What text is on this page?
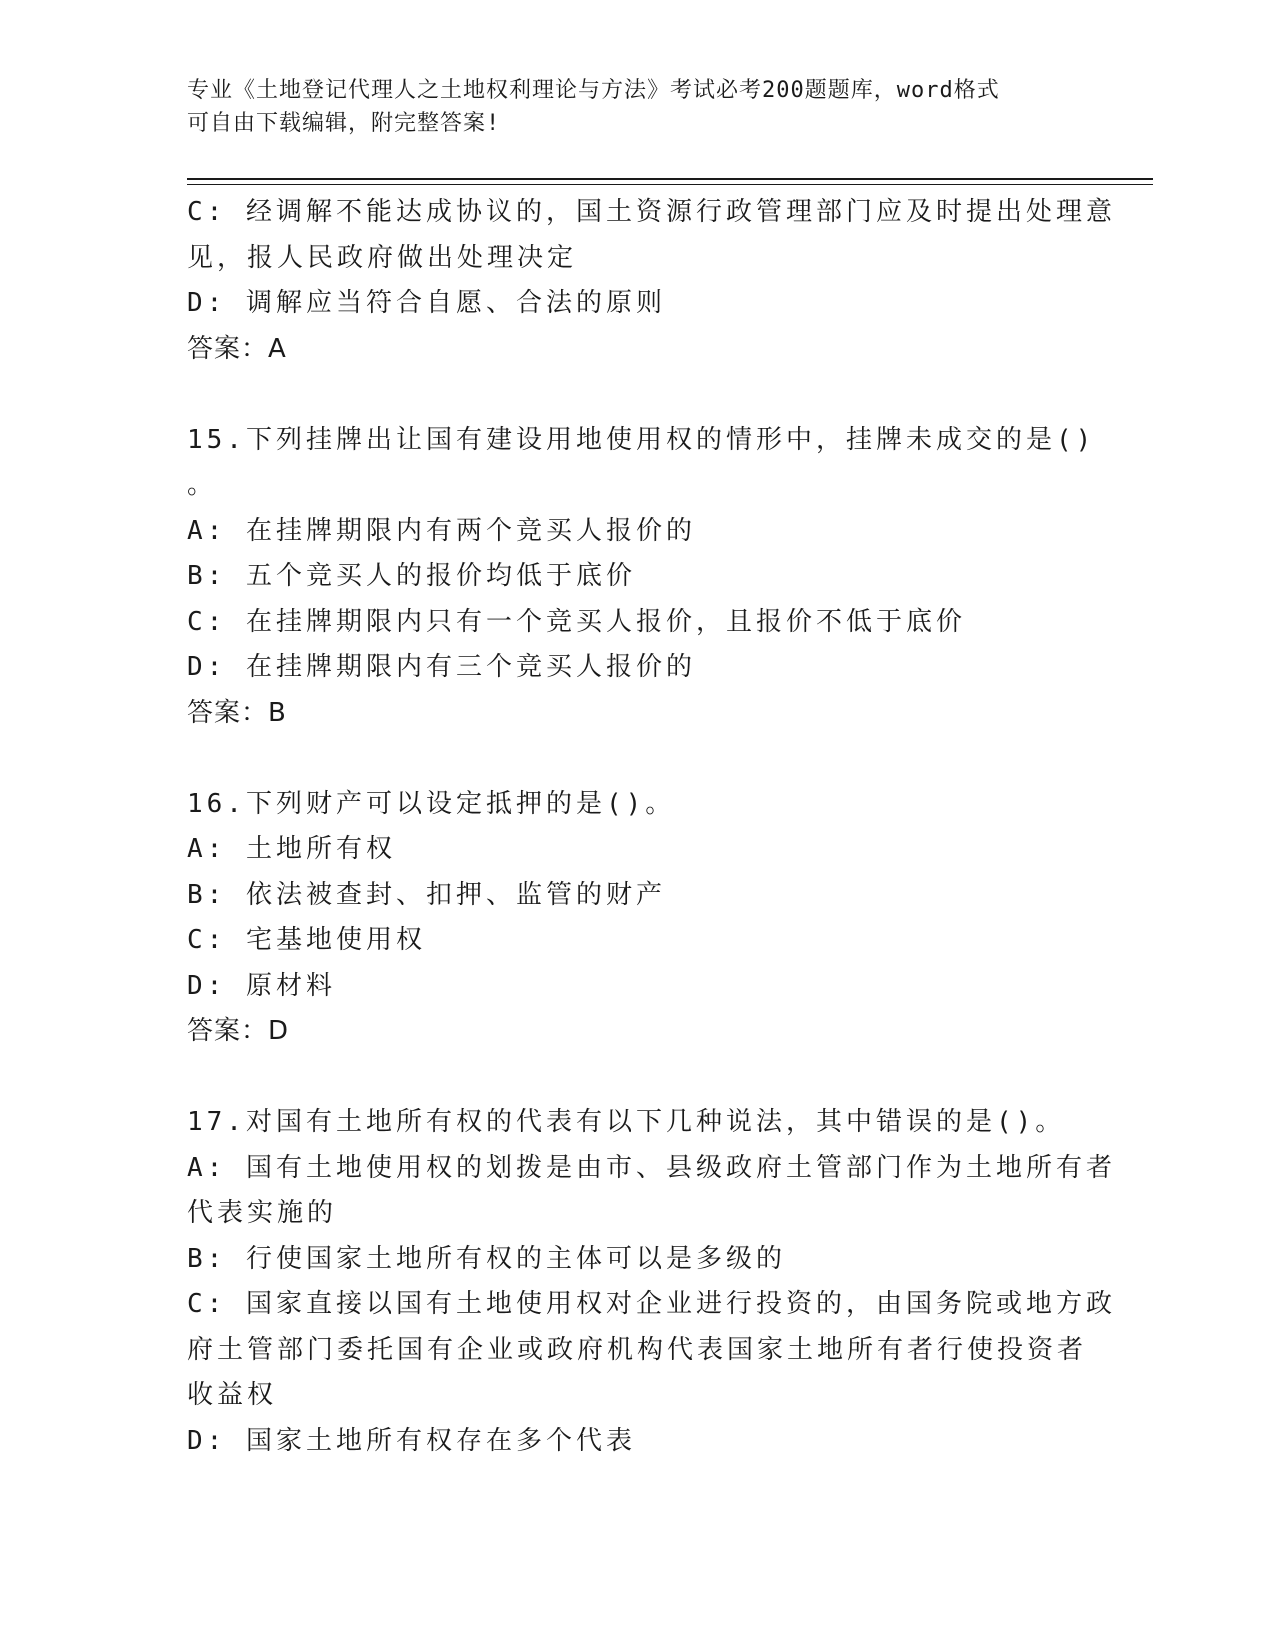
专业《土地登记代理人之土地权利理论与方法》考试必考200题题库，word格式
可自由下载编辑，附完整答案!
C: 经调解不能达成协议的，国土资源行政管理部门应及时提出处理意
见，报人民政府做出处理决定
D: 调解应当符合自愿、合法的原则
答案：A
15.下列挂牌出让国有建设用地使用权的情形中，挂牌未成交的是()
。
A: 在挂牌期限内有两个竞买人报价的
B: 五个竞买人的报价均低于底价
C: 在挂牌期限内只有一个竞买人报价，且报价不低于底价
D: 在挂牌期限内有三个竞买人报价的
答案：B
16.下列财产可以设定抵押的是()。
A: 土地所有权
B: 依法被查封、扣押、监管的财产
C: 宅基地使用权
D: 原材料
答案：D
17.对国有土地所有权的代表有以下几种说法，其中错误的是()。
A: 国有土地使用权的划拨是由市、县级政府土管部门作为土地所有者
代表实施的
B: 行使国家土地所有权的主体可以是多级的
C: 国家直接以国有土地使用权对企业进行投资的，由国务院或地方政
府土管部门委托国有企业或政府机构代表国家土地所有者行使投资者
收益权
D: 国家土地所有权存在多个代表
